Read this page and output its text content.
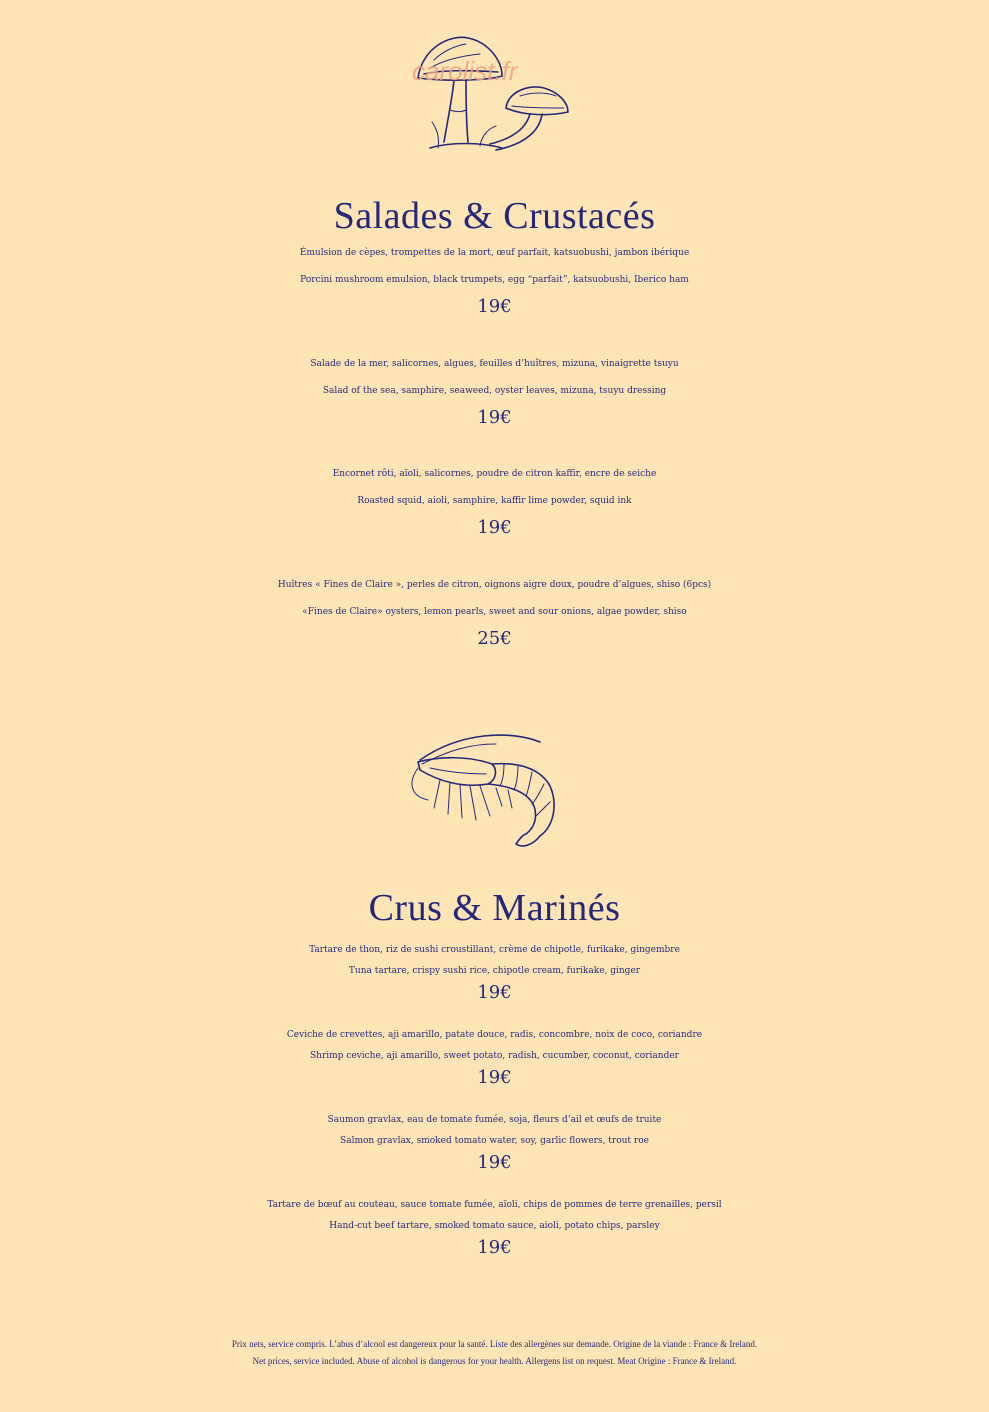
carolist.fr
Salades & Crustacés
Émulsion de cèpes, trompettes de la mort, œuf parfait, katsuobushi, jambon ibérique
Porcini mushroom emulsion, black trumpets, egg “parfait”, katsuobushi, Iberico ham
19€
Salade de la mer, salicornes, algues, feuilles d’huîtres, mizuna, vinaigrette tsuyu
Salad of the sea, samphire, seaweed, oyster leaves, mizuna, tsuyu dressing
19€
Encornet rôti, aïoli, salicornes, poudre de citron kaffir, encre de seiche
Roasted squid, aioli, samphire, kaffir lime powder, squid ink
19€
Huîtres « Fines de Claire », perles de citron, oignons aigre doux, poudre d’algues, shiso (6pcs)
«Fines de Claire» oysters, lemon pearls, sweet and sour onions, algae powder, shiso
25€
Crus & Marinés
Tartare de thon, riz de sushi croustillant, crème de chipotle, furikake, gingembre
Tuna tartare, crispy sushi rice, chipotle cream, furikake, ginger
19€
Ceviche de crevettes, aji amarillo, patate douce, radis, concombre, noix de coco, coriandre
Shrimp ceviche, aji amarillo, sweet potato, radish, cucumber, coconut, coriander
19€
Saumon gravlax, eau de tomate fumée, soja, fleurs d’ail et œufs de truite
Salmon gravlax, smoked tomato water, soy, garlic flowers, trout roe
19€
Tartare de bœuf au couteau, sauce tomate fumée, aïoli, chips de pommes de terre grenailles, persil
Hand-cut beef tartare, smoked tomato sauce, aioli, potato chips, parsley
19€
Prix nets, service compris. L’abus d’alcool est dangereux pour la santé. Liste des allergènes sur demande. Origine de la viande : France & Ireland.
Net prices, service included. Abuse of alcohol is dangerous for your health. Allergens list on request. Meat Origine : France & Ireland.
